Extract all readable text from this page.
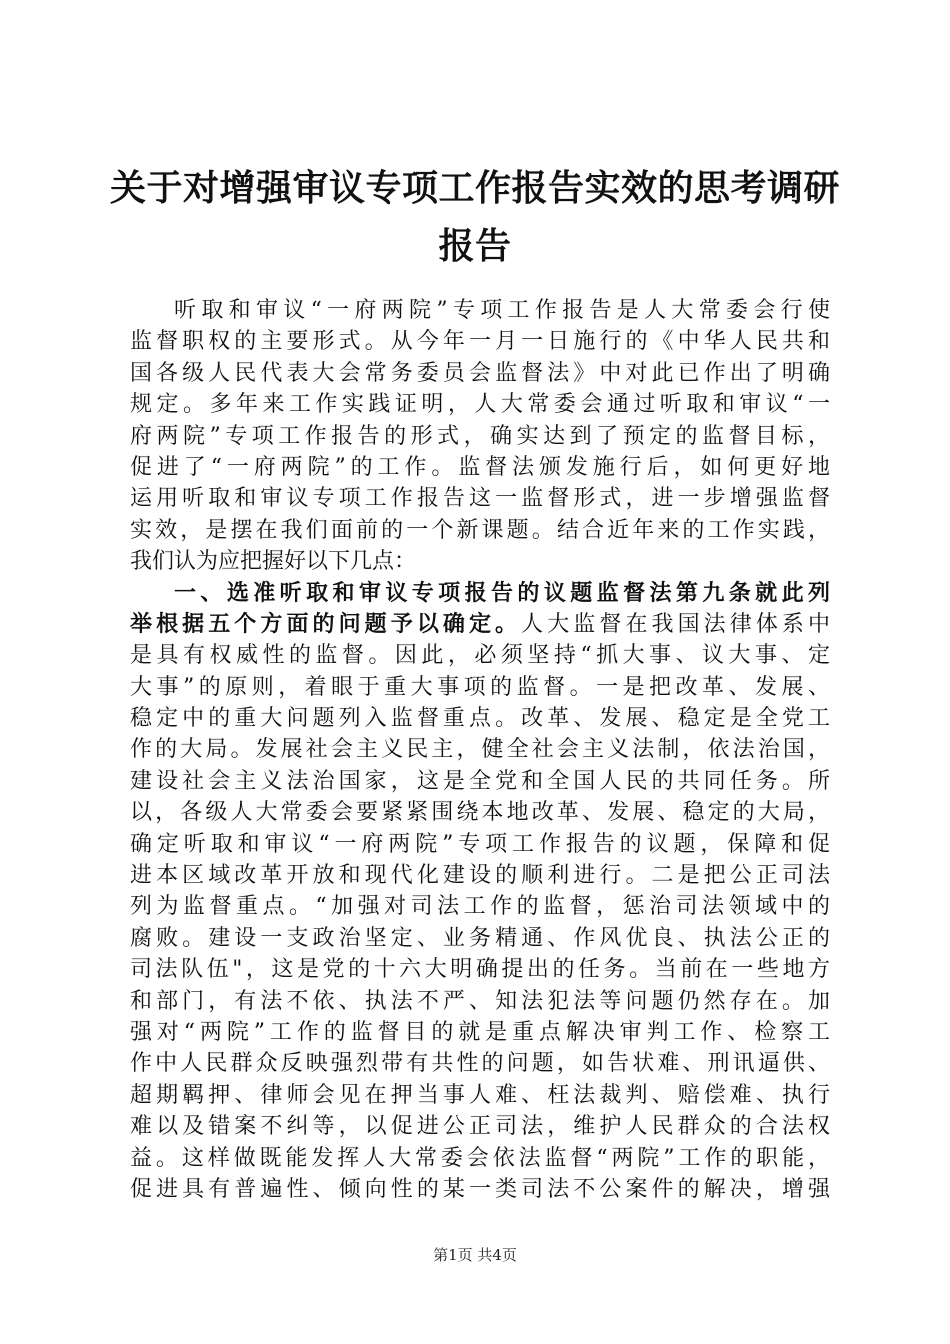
关于对增强审议专项工作报告实效的思考调研
报告
听取和审议“一府两院”专项工作报告是人大常委会行使
监督职权的主要形式。从今年一月一日施行的《中华人民共和
国各级人民代表大会常务委员会监督法》中对此已作出了明确
规定。多年来工作实践证明，人大常委会通过听取和审议“一
府两院”专项工作报告的形式，确实达到了预定的监督目标，
促进了“一府两院”的工作。监督法颁发施行后，如何更好地
运用听取和审议专项工作报告这一监督形式，进一步增强监督
实效，是摆在我们面前的一个新课题。结合近年来的工作实践，
我们认为应把握好以下几点：
一、选准听取和审议专项报告的议题监督法第九条就此列
举根据五个方面的问题予以确定。人大监督在我国法律体系中
是具有权威性的监督。因此，必须坚持“抓大事、议大事、定
大事”的原则，着眼于重大事项的监督。一是把改革、发展、
稳定中的重大问题列入监督重点。改革、发展、稳定是全党工
作的大局。发展社会主义民主，健全社会主义法制，依法治国，
建设社会主义法治国家，这是全党和全国人民的共同任务。所
以，各级人大常委会要紧紧围绕本地改革、发展、稳定的大局，
确定听取和审议“一府两院”专项工作报告的议题，保障和促
进本区域改革开放和现代化建设的顺利进行。二是把公正司法
列为监督重点。“加强对司法工作的监督，惩治司法领域中的
腐败。建设一支政治坚定、业务精通、作风优良、执法公正的
司法队伍"，这是党的十六大明确提出的任务。当前在一些地方
和部门，有法不依、执法不严、知法犯法等问题仍然存在。加
强对“两院”工作的监督目的就是重点解决审判工作、检察工
作中人民群众反映强烈带有共性的问题，如告状难、刑讯逼供、
超期羁押、律师会见在押当事人难、枉法裁判、赔偿难、执行
难以及错案不纠等，以促进公正司法，维护人民群众的合法权
益。这样做既能发挥人大常委会依法监督“两院”工作的职能，
促进具有普遍性、倾向性的某一类司法不公案件的解决，增强
第1页 共4页
